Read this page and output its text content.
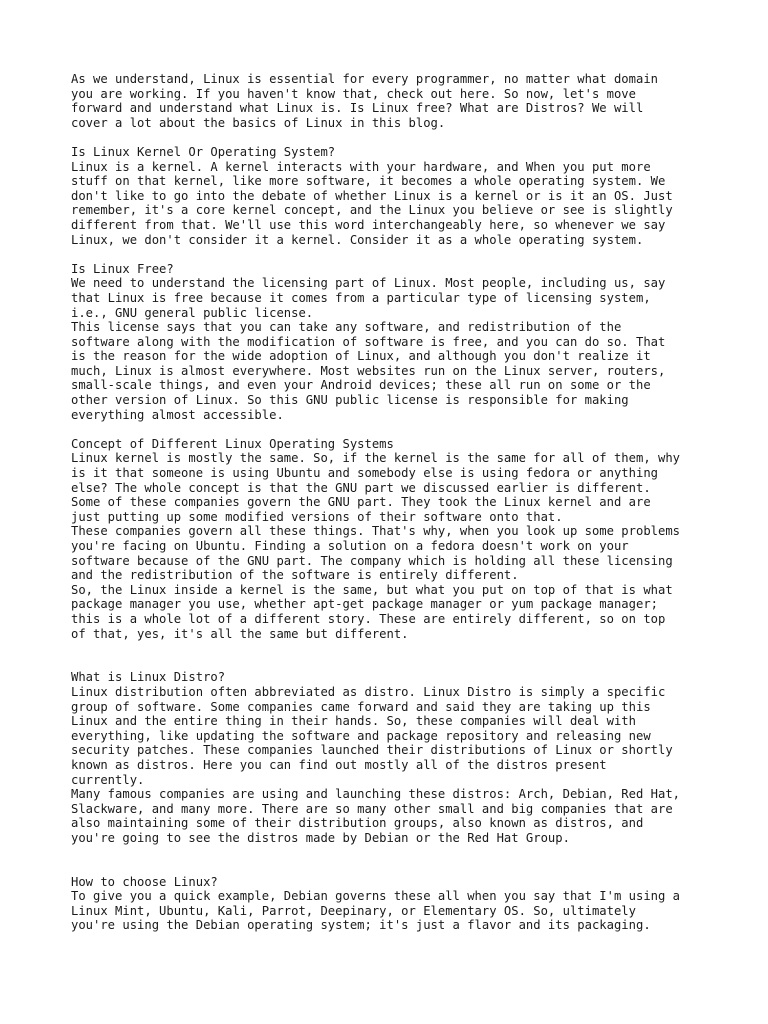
As we understand, Linux is essential for every programmer, no matter what domain
you are working. If you haven't know that, check out here. So now, let's move
forward and understand what Linux is. Is Linux free? What are Distros? We will
cover a lot about the basics of Linux in this blog.
Is Linux Kernel Or Operating System?
Linux is a kernel. A kernel interacts with your hardware, and When you put more
stuff on that kernel, like more software, it becomes a whole operating system. We
don't like to go into the debate of whether Linux is a kernel or is it an OS. Just
remember, it's a core kernel concept, and the Linux you believe or see is slightly
different from that. We'll use this word interchangeably here, so whenever we say
Linux, we don't consider it a kernel. Consider it as a whole operating system.
Is Linux Free?
We need to understand the licensing part of Linux. Most people, including us, say
that Linux is free because it comes from a particular type of licensing system,
i.e., GNU general public license.
This license says that you can take any software, and redistribution of the
software along with the modification of software is free, and you can do so. That
is the reason for the wide adoption of Linux, and although you don't realize it
much, Linux is almost everywhere. Most websites run on the Linux server, routers,
small-scale things, and even your Android devices; these all run on some or the
other version of Linux. So this GNU public license is responsible for making
everything almost accessible.
Concept of Different Linux Operating Systems
Linux kernel is mostly the same. So, if the kernel is the same for all of them, why
is it that someone is using Ubuntu and somebody else is using fedora or anything
else? The whole concept is that the GNU part we discussed earlier is different.
Some of these companies govern the GNU part. They took the Linux kernel and are
just putting up some modified versions of their software onto that.
These companies govern all these things. That's why, when you look up some problems
you're facing on Ubuntu. Finding a solution on a fedora doesn't work on your
software because of the GNU part. The company which is holding all these licensing
and the redistribution of the software is entirely different.
So, the Linux inside a kernel is the same, but what you put on top of that is what
package manager you use, whether apt-get package manager or yum package manager;
this is a whole lot of a different story. These are entirely different, so on top
of that, yes, it's all the same but different.
What is Linux Distro?
Linux distribution often abbreviated as distro. Linux Distro is simply a specific
group of software. Some companies came forward and said they are taking up this
Linux and the entire thing in their hands. So, these companies will deal with
everything, like updating the software and package repository and releasing new
security patches. These companies launched their distributions of Linux or shortly
known as distros. Here you can find out mostly all of the distros present
currently.
Many famous companies are using and launching these distros: Arch, Debian, Red Hat,
Slackware, and many more. There are so many other small and big companies that are
also maintaining some of their distribution groups, also known as distros, and
you're going to see the distros made by Debian or the Red Hat Group.
How to choose Linux?
To give you a quick example, Debian governs these all when you say that I'm using a
Linux Mint, Ubuntu, Kali, Parrot, Deepinary, or Elementary OS. So, ultimately
you're using the Debian operating system; it's just a flavor and its packaging.
